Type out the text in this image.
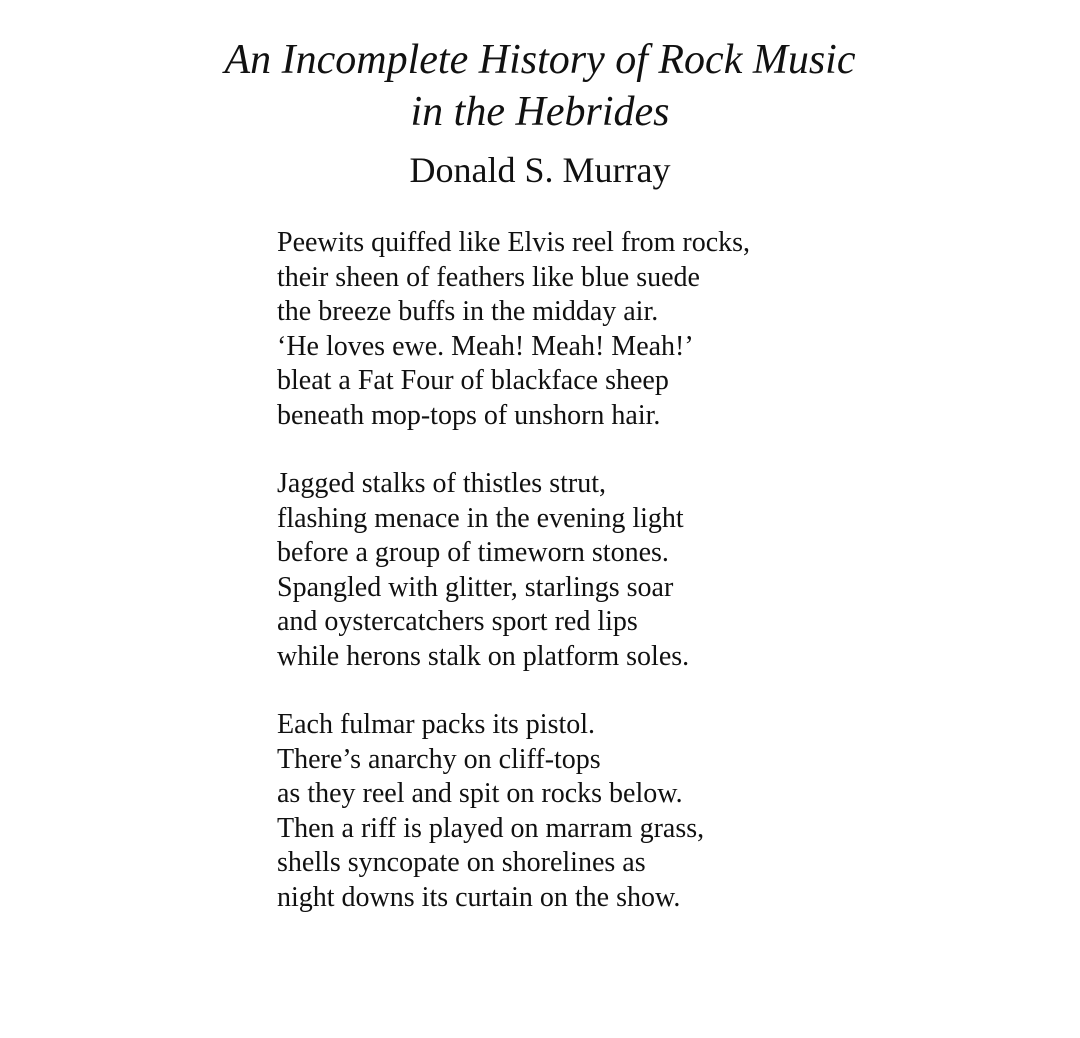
An Incomplete History of Rock Music
in the Hebrides
Donald S. Murray
Peewits quiffed like Elvis reel from rocks,
their sheen of feathers like blue suede
the breeze buffs in the midday air.
‘He loves ewe. Meah! Meah! Meah!’
bleat a Fat Four of blackface sheep
beneath mop-tops of unshorn hair.
Jagged stalks of thistles strut,
flashing menace in the evening light
before a group of timeworn stones.
Spangled with glitter, starlings soar
and oystercatchers sport red lips
while herons stalk on platform soles.
Each fulmar packs its pistol.
There’s anarchy on cliff-tops
as they reel and spit on rocks below.
Then a riff is played on marram grass,
shells syncopate on shorelines as
night downs its curtain on the show.
